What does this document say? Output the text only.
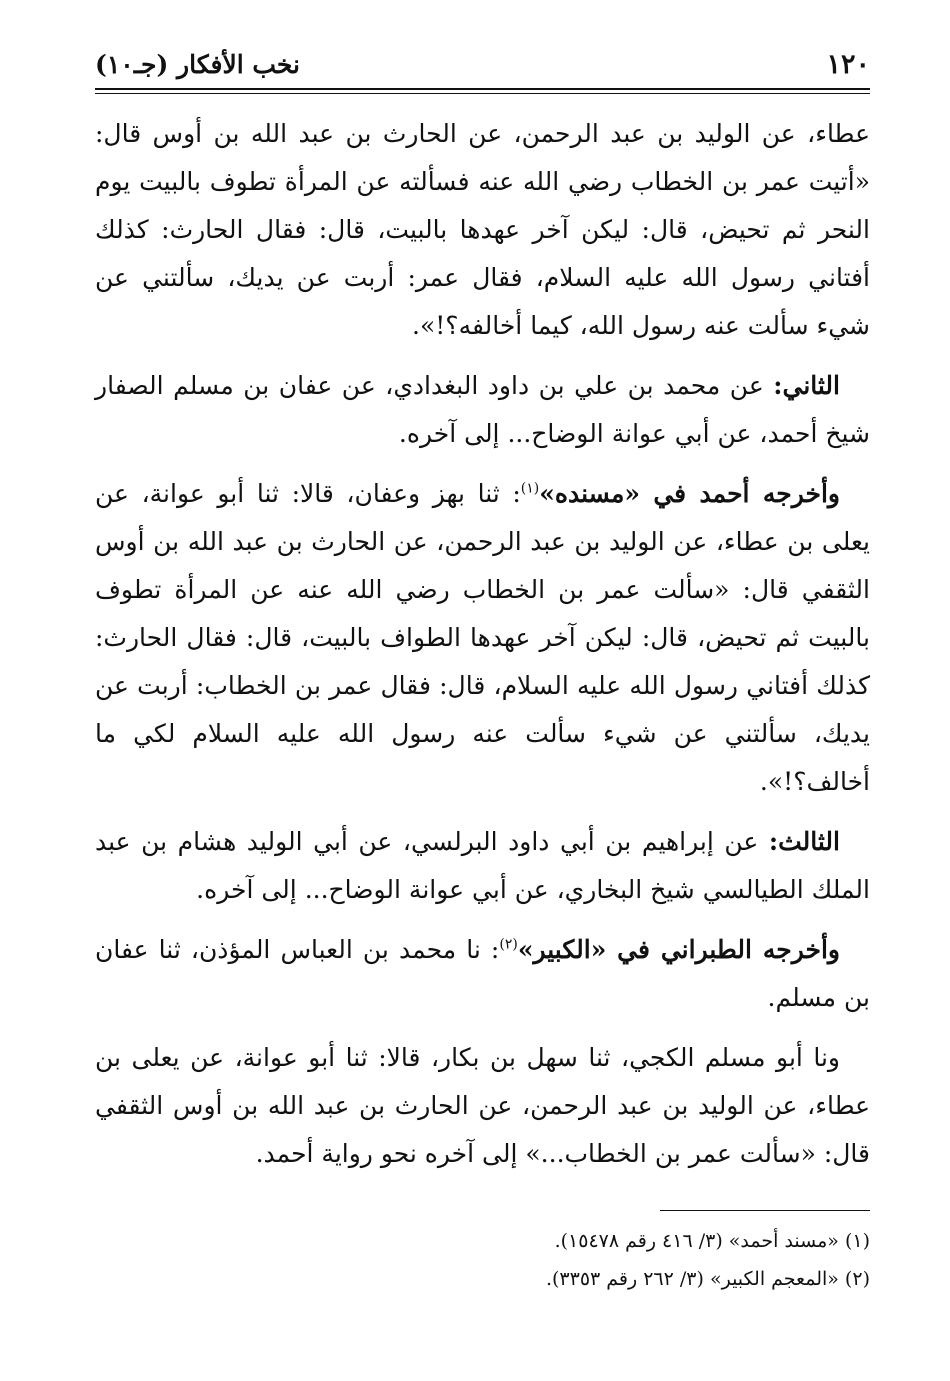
١٢٠
نخب الأفكار (جـ١٠)

عطاء، عن الوليد بن عبد الرحمن، عن الحارث بن عبد الله بن أوس قال: «أتيت عمر بن الخطاب رضي الله عنه فسألته عن المرأة تطوف بالبيت يوم النحر ثم تحيض، قال: ليكن آخر عهدها بالبيت، قال: فقال الحارث: كذلك أفتاني رسول الله عليه السلام، فقال عمر: أربت عن يديك، سألتني عن شيء سألت عنه رسول الله، كيما أخالفه؟!».

الثاني: عن محمد بن علي بن داود البغدادي، عن عفان بن مسلم الصفار شيخ أحمد، عن أبي عوانة الوضاح... إلى آخره.

وأخرجه أحمد في «مسنده»$^{(١)}$: ثنا بهز وعفان، قالا: ثنا أبو عوانة، عن يعلى بن عطاء، عن الوليد بن عبد الرحمن، عن الحارث بن عبد الله بن أوس الثقفي قال: «سألت عمر بن الخطاب رضي الله عنه عن المرأة تطوف بالبيت ثم تحيض، قال: ليكن آخر عهدها الطواف بالبيت، قال: فقال الحارث: كذلك أفتاني رسول الله عليه السلام، قال: فقال عمر بن الخطاب: أربت عن يديك، سألتني عن شيء سألت عنه رسول الله عليه السلام لكي ما أخالف؟!».

الثالث: عن إبراهيم بن أبي داود البرلسي، عن أبي الوليد هشام بن عبد الملك الطيالسي شيخ البخاري، عن أبي عوانة الوضاح... إلى آخره.

وأخرجه الطبراني في «الكبير»$^{(٢)}$: نا محمد بن العباس المؤذن، ثنا عفان بن مسلم.

ونا أبو مسلم الكجي، ثنا سهل بن بكار، قالا: ثنا أبو عوانة، عن يعلى بن عطاء، عن الوليد بن عبد الرحمن، عن الحارث بن عبد الله بن أوس الثقفي قال: «سألت عمر بن الخطاب...» إلى آخره نحو رواية أحمد.

(١) «مسند أحمد» (٣/ ٤١٦ رقم ١٥٤٧٨).

(٢) «المعجم الكبير» (٣/ ٢٦٢ رقم ٣٣٥٣).
